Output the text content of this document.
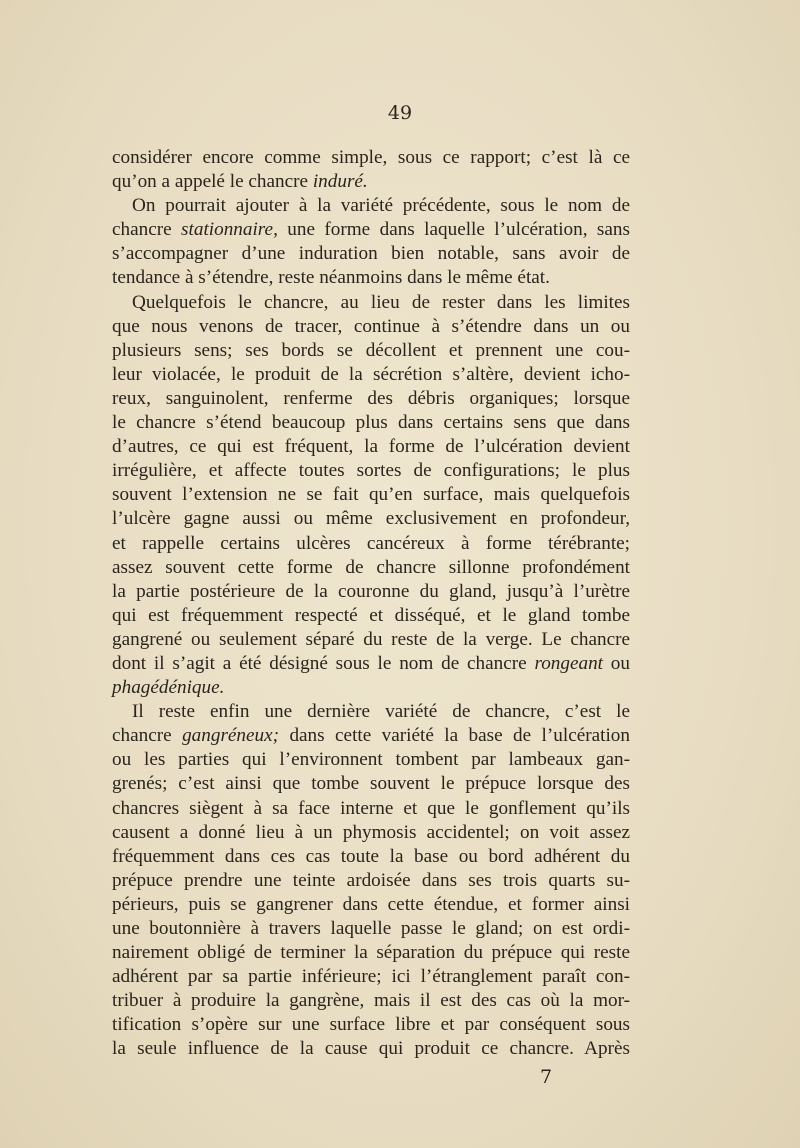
49
considérer encore comme simple, sous ce rapport; c’est là ce
qu’on a appelé le chancre induré.
On pourrait ajouter à la variété précédente, sous le nom de
chancre stationnaire, une forme dans laquelle l’ulcération, sans
s’accompagner d’une induration bien notable, sans avoir de
tendance à s’étendre, reste néanmoins dans le même état.
Quelquefois le chancre, au lieu de rester dans les limites
que nous venons de tracer, continue à s’étendre dans un ou
plusieurs sens; ses bords se décollent et prennent une cou-
leur violacée, le produit de la sécrétion s’altère, devient icho-
reux, sanguinolent, renferme des débris organiques; lorsque
le chancre s’étend beaucoup plus dans certains sens que dans
d’autres, ce qui est fréquent, la forme de l’ulcération devient
irrégulière, et affecte toutes sortes de configurations; le plus
souvent l’extension ne se fait qu’en surface, mais quelquefois
l’ulcère gagne aussi ou même exclusivement en profondeur,
et rappelle certains ulcères cancéreux à forme térébrante;
assez souvent cette forme de chancre sillonne profondément
la partie postérieure de la couronne du gland, jusqu’à l’urètre
qui est fréquemment respecté et disséqué, et le gland tombe
gangrené ou seulement séparé du reste de la verge. Le chancre
dont il s’agit a été désigné sous le nom de chancre rongeant ou
phagédénique.
Il reste enfin une dernière variété de chancre, c’est le
chancre gangréneux; dans cette variété la base de l’ulcération
ou les parties qui l’environnent tombent par lambeaux gan-
grenés; c’est ainsi que tombe souvent le prépuce lorsque des
chancres siègent à sa face interne et que le gonflement qu’ils
causent a donné lieu à un phymosis accidentel; on voit assez
fréquemment dans ces cas toute la base ou bord adhérent du
prépuce prendre une teinte ardoisée dans ses trois quarts su-
périeurs, puis se gangrener dans cette étendue, et former ainsi
une boutonnière à travers laquelle passe le gland; on est ordi-
nairement obligé de terminer la séparation du prépuce qui reste
adhérent par sa partie inférieure; ici l’étranglement paraît con-
tribuer à produire la gangrène, mais il est des cas où la mor-
tification s’opère sur une surface libre et par conséquent sous
la seule influence de la cause qui produit ce chancre. Après
7
